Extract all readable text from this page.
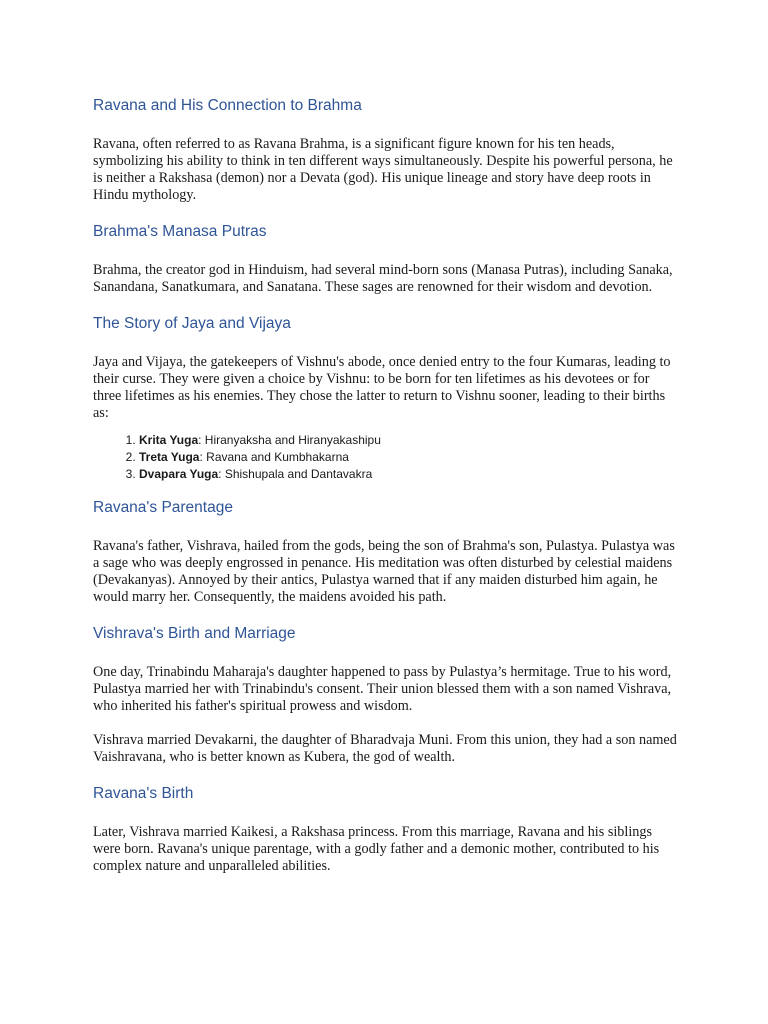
Ravana and His Connection to Brahma

Ravana, often referred to as Ravana Brahma, is a significant figure known for his ten heads, symbolizing his ability to think in ten different ways simultaneously. Despite his powerful persona, he is neither a Rakshasa (demon) nor a Devata (god). His unique lineage and story have deep roots in Hindu mythology.

Brahma's Manasa Putras

Brahma, the creator god in Hinduism, had several mind-born sons (Manasa Putras), including Sanaka, Sanandana, Sanatkumara, and Sanatana. These sages are renowned for their wisdom and devotion.

The Story of Jaya and Vijaya

Jaya and Vijaya, the gatekeepers of Vishnu's abode, once denied entry to the four Kumaras, leading to their curse. They were given a choice by Vishnu: to be born for ten lifetimes as his devotees or for three lifetimes as his enemies. They chose the latter to return to Vishnu sooner, leading to their births as:

1. Krita Yuga: Hiranyaksha and Hiranyakashipu
2. Treta Yuga: Ravana and Kumbhakarna
3. Dvapara Yuga: Shishupala and Dantavakra
Ravana's Parentage

Ravana's father, Vishrava, hailed from the gods, being the son of Brahma's son, Pulastya. Pulastya was a sage who was deeply engrossed in penance. His meditation was often disturbed by celestial maidens (Devakanyas). Annoyed by their antics, Pulastya warned that if any maiden disturbed him again, he would marry her. Consequently, the maidens avoided his path.

Vishrava's Birth and Marriage

One day, Trinabindu Maharaja's daughter happened to pass by Pulastya’s hermitage. True to his word, Pulastya married her with Trinabindu's consent. Their union blessed them with a son named Vishrava, who inherited his father's spiritual prowess and wisdom.

Vishrava married Devakarni, the daughter of Bharadvaja Muni. From this union, they had a son named Vaishravana, who is better known as Kubera, the god of wealth.

Ravana's Birth

Later, Vishrava married Kaikesi, a Rakshasa princess. From this marriage, Ravana and his siblings were born. Ravana's unique parentage, with a godly father and a demonic mother, contributed to his complex nature and unparalleled abilities.
